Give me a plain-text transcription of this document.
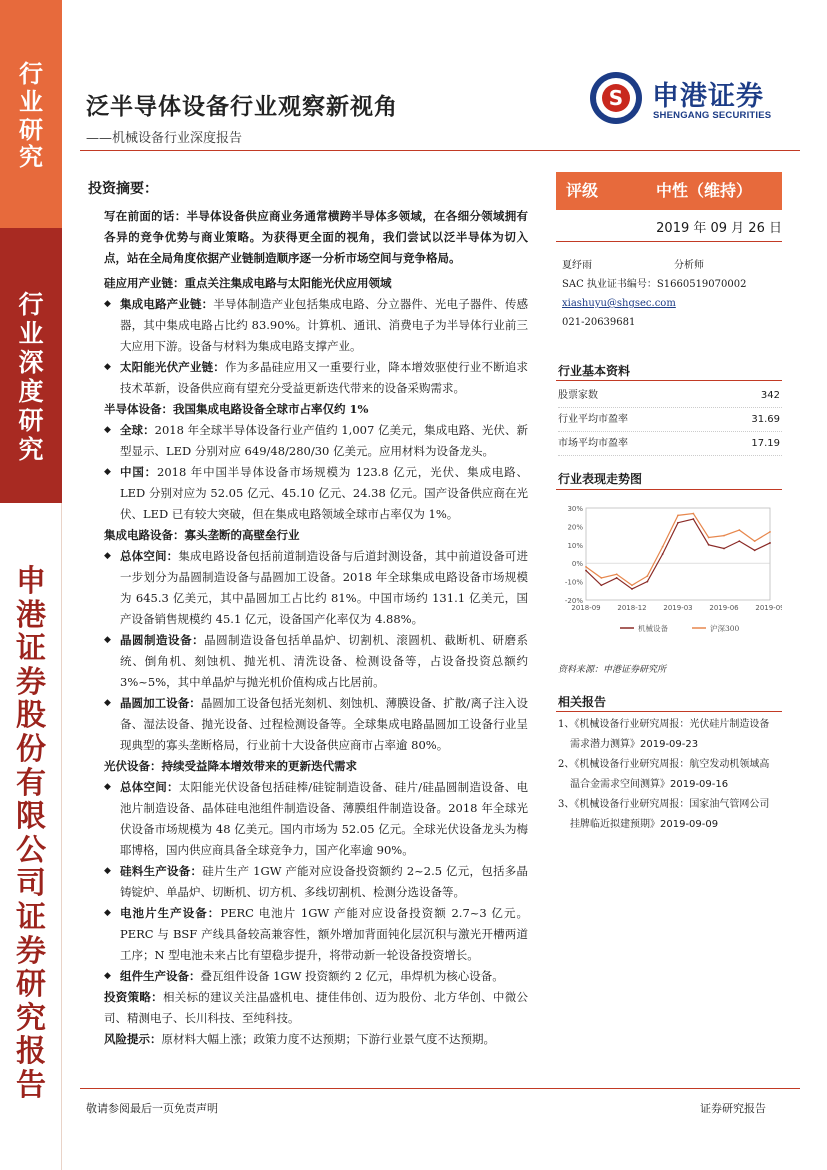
行
业
研
究
行
业
深
度
研
究
申
港
证
券
股
份
有
限
公
司
证
券
研
究
报
告
泛半导体设备行业观察新视角
——机械设备行业深度报告
S	申港证券
SHENGANG SECURITIES
投资摘要：
写在前面的话：半导体设备供应商业务通常横跨半导体多领域，在各细分领域拥有各异的竞争优势与商业策略。为获得更全面的视角，我们尝试以泛半导体为切入点，站在全局角度依据产业链制造顺序逐一分析市场空间与竞争格局。
硅应用产业链：重点关注集成电路与太阳能光伏应用领域
◆ 集成电路产业链：半导体制造产业包括集成电路、分立器件、光电子器件、传感器，其中集成电路占比约 83.90%。计算机、通讯、消费电子为半导体行业前三大应用下游。设备与材料为集成电路支撑产业。
◆ 太阳能光伏产业链：作为多晶硅应用又一重要行业，降本增效驱使行业不断追求技术革新，设备供应商有望充分受益更新迭代带来的设备采购需求。
半导体设备：我国集成电路设备全球市占率仅约 1%
◆ 全球：2018 年全球半导体设备行业产值约 1,007 亿美元，集成电路、光伏、新型显示、LED 分别对应 649/48/280/30 亿美元。应用材料为设备龙头。
◆ 中国：2018 年中国半导体设备市场规模为 123.8 亿元，光伏、集成电路、LED 分别对应为 52.05 亿元、45.10 亿元、24.38 亿元。国产设备供应商在光伏、LED 已有较大突破，但在集成电路领域全球市占率仅为 1%。
集成电路设备：寡头垄断的高壁垒行业
◆ 总体空间：集成电路设备包括前道制造设备与后道封测设备，其中前道设备可进一步划分为晶圆制造设备与晶圆加工设备。2018 年全球集成电路设备市场规模为 645.3 亿美元，其中晶圆加工占比约 81%。中国市场约 131.1 亿美元，国产设备销售规模约 45.1 亿元，设备国产化率仅为 4.88%。
◆ 晶圆制造设备：晶圆制造设备包括单晶炉、切割机、滚圆机、截断机、研磨系统、倒角机、刻蚀机、抛光机、清洗设备、检测设备等，占设备投资总额约 3%~5%，其中单晶炉与抛光机价值构成占比居前。
◆ 晶圆加工设备：晶圆加工设备包括光刻机、刻蚀机、薄膜设备、扩散/离子注入设备、湿法设备、抛光设备、过程检测设备等。全球集成电路晶圆加工设备行业呈现典型的寡头垄断格局，行业前十大设备供应商市占率逾 80%。
光伏设备：持续受益降本增效带来的更新迭代需求
◆ 总体空间：太阳能光伏设备包括硅棒/硅锭制造设备、硅片/硅晶圆制造设备、电池片制造设备、晶体硅电池组件制造设备、薄膜组件制造设备。2018 年全球光伏设备市场规模为 48 亿美元。国内市场为 52.05 亿元。全球光伏设备龙头为梅耶博格，国内供应商具备全球竞争力，国产化率逾 90%。
◆ 硅料生产设备：硅片生产 1GW 产能对应设备投资额约 2~2.5 亿元，包括多晶铸锭炉、单晶炉、切断机、切方机、多线切割机、检测分选设备等。
◆ 电池片生产设备：PERC 电池片 1GW 产能对应设备投资额 2.7~3 亿元。PERC 与 BSF 产线具备较高兼容性，额外增加背面钝化层沉积与激光开槽两道工序；N 型电池未来占比有望稳步提升，将带动新一轮设备投资增长。
◆ 组件生产设备：叠瓦组件设备 1GW 投资额约 2 亿元，串焊机为核心设备。
投资策略：相关标的建议关注晶盛机电、捷佳伟创、迈为股份、北方华创、中微公司、精测电子、长川科技、至纯科技。
风险提示：原材料大幅上涨；政策力度不达预期；下游行业景气度不达预期。
评级	中性（维持）
2019 年 09 月 26 日
夏纾雨	分析师
SAC 执业证书编号：S1660519070002
xiashuyu@shgsec.com
021-20639681
行业基本资料
股票家数	342
行业平均市盈率	31.69
市场平均市盈率	17.19
行业表现走势图
30%
20%
10%
0%
-10%
-20%
2018-09 2018-12 2019-03 2019-06 2019-09
机械设备	沪深300
资料来源：申港证券研究所
相关报告
1、《机械设备行业研究周报：光伏硅片制造设备
需求潜力测算》2019-09-23
2、《机械设备行业研究周报：航空发动机领域高
温合金需求空间测算》2019-09-16
3、《机械设备行业研究周报：国家油气管网公司
挂牌临近拟建预期》2019-09-09
敬请参阅最后一页免责声明	证券研究报告
